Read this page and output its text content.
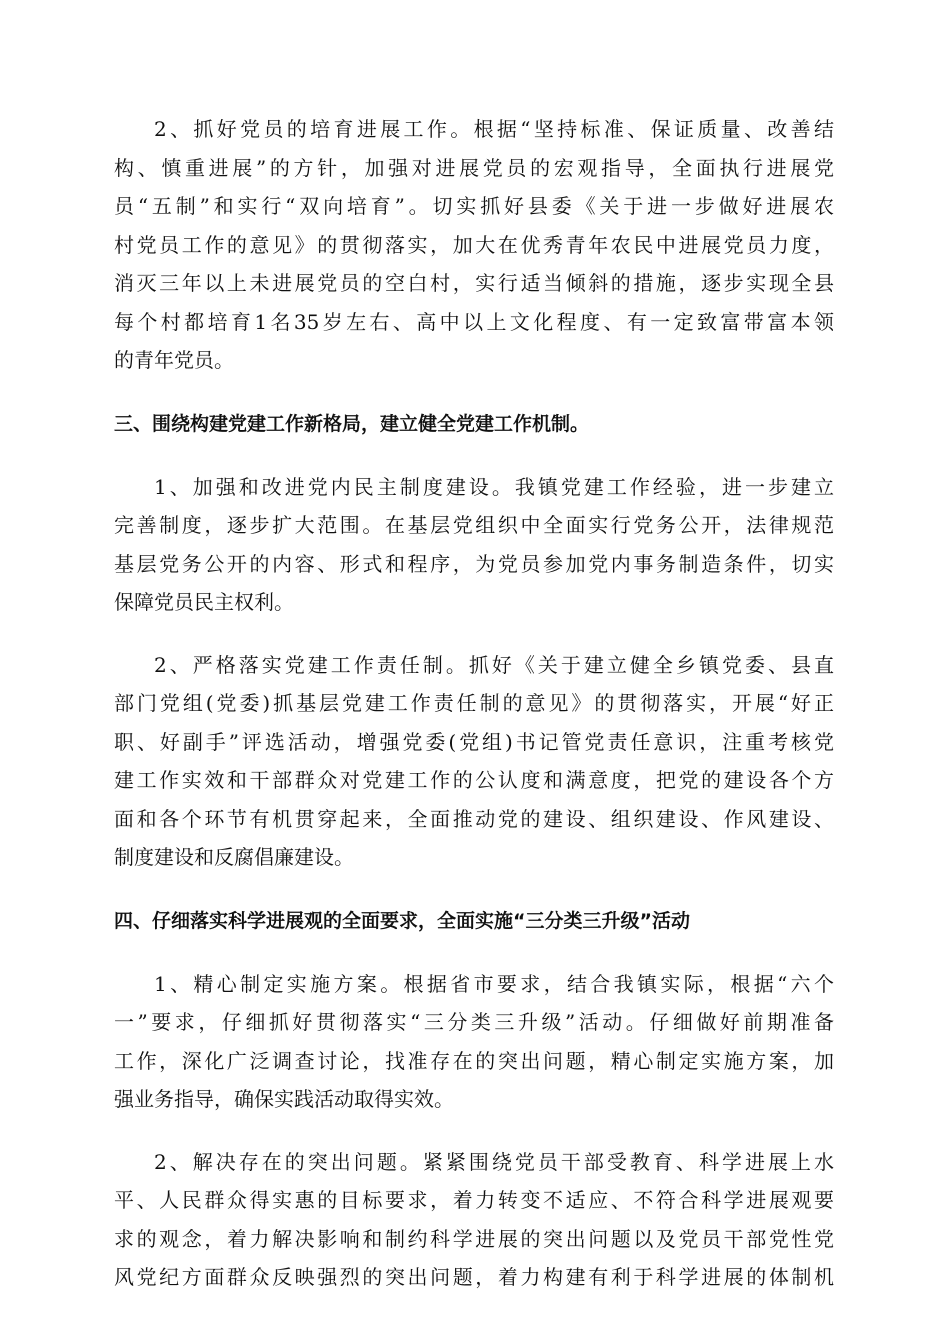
2、抓好党员的培育进展工作。根据“坚持标准、保证质量、改善结
构、慎重进展”的方针，加强对进展党员的宏观指导，全面执行进展党
员“五制”和实行“双向培育”。切实抓好县委《关于进一步做好进展农
村党员工作的意见》的贯彻落实，加大在优秀青年农民中进展党员力度，
消灭三年以上未进展党员的空白村，实行适当倾斜的措施，逐步实现全县
每个村都培育1名35岁左右、高中以上文化程度、有一定致富带富本领
的青年党员。
三、围绕构建党建工作新格局，建立健全党建工作机制。
1、加强和改进党内民主制度建设。我镇党建工作经验，进一步建立
完善制度，逐步扩大范围。在基层党组织中全面实行党务公开，法律规范
基层党务公开的内容、形式和程序，为党员参加党内事务制造条件，切实
保障党员民主权利。
2、严格落实党建工作责任制。抓好《关于建立健全乡镇党委、县直
部门党组(党委)抓基层党建工作责任制的意见》的贯彻落实，开展“好正
职、好副手”评选活动，增强党委(党组)书记管党责任意识，注重考核党
建工作实效和干部群众对党建工作的公认度和满意度，把党的建设各个方
面和各个环节有机贯穿起来，全面推动党的建设、组织建设、作风建设、
制度建设和反腐倡廉建设。
四、仔细落实科学进展观的全面要求，全面实施“三分类三升级”活动
1、精心制定实施方案。根据省市要求，结合我镇实际，根据“六个
一”要求，仔细抓好贯彻落实“三分类三升级”活动。仔细做好前期准备
工作，深化广泛调查讨论，找准存在的突出问题，精心制定实施方案，加
强业务指导，确保实践活动取得实效。
2、解决存在的突出问题。紧紧围绕党员干部受教育、科学进展上水
平、人民群众得实惠的目标要求，着力转变不适应、不符合科学进展观要
求的观念，着力解决影响和制约科学进展的突出问题以及党员干部党性党
风党纪方面群众反映强烈的突出问题，着力构建有利于科学进展的体制机
